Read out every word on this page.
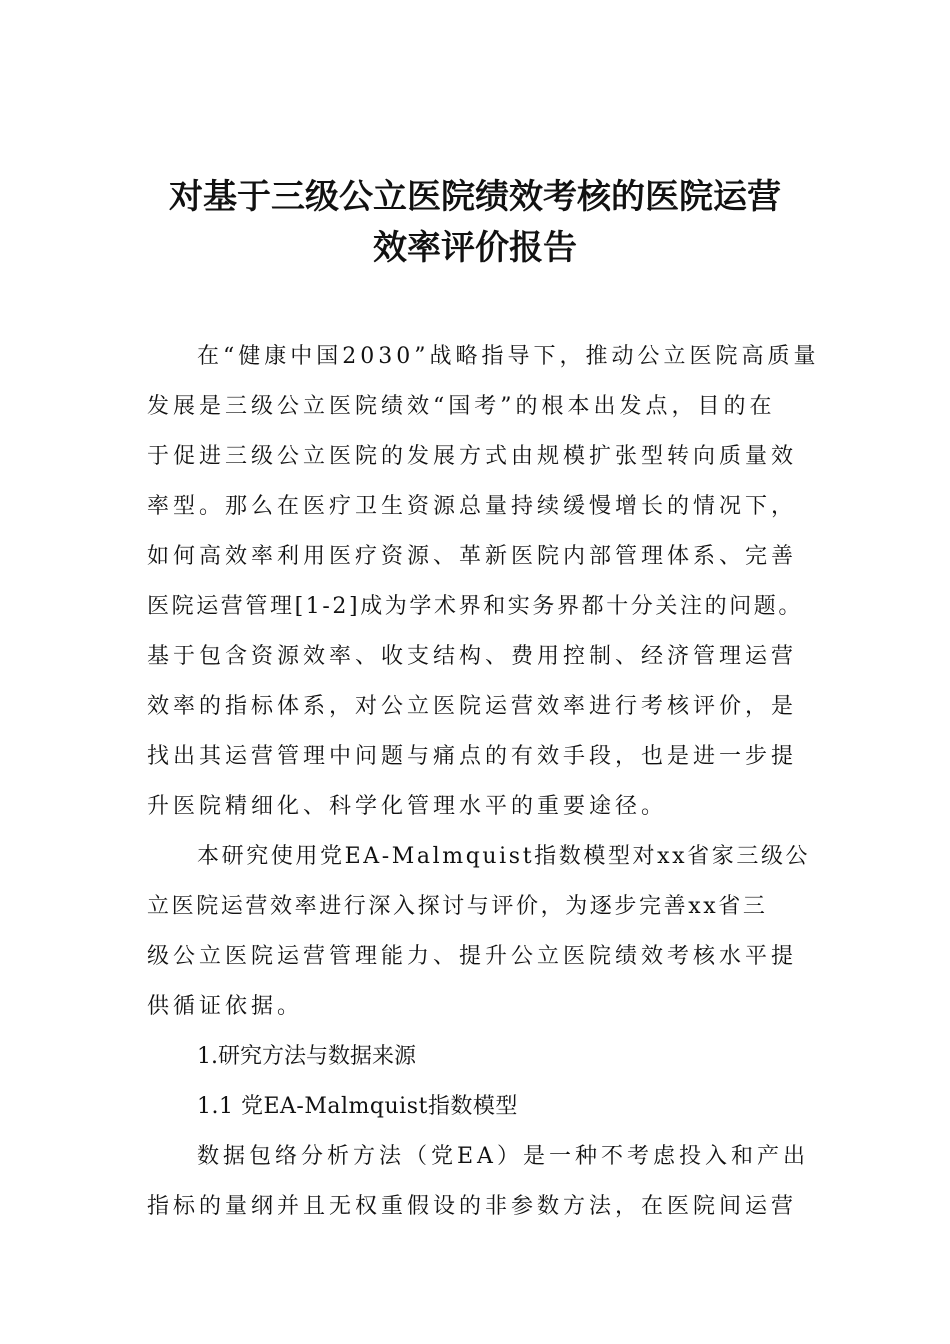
对基于三级公立医院绩效考核的医院运营
效率评价报告
在“健康中国2030”战略指导下，推动公立医院高质量
发展是三级公立医院绩效“国考”的根本出发点，目的在
于促进三级公立医院的发展方式由规模扩张型转向质量效
率型。那么在医疗卫生资源总量持续缓慢增长的情况下，
如何高效率利用医疗资源、革新医院内部管理体系、完善
医院运营管理[1-2]成为学术界和实务界都十分关注的问题。
基于包含资源效率、收支结构、费用控制、经济管理运营
效率的指标体系，对公立医院运营效率进行考核评价，是
找出其运营管理中问题与痛点的有效手段，也是进一步提
升医院精细化、科学化管理水平的重要途径。
本研究使用党EA-Malmquist指数模型对xx省家三级公
立医院运营效率进行深入探讨与评价，为逐步完善xx省三
级公立医院运营管理能力、提升公立医院绩效考核水平提
供循证依据。
1.研究方法与数据来源
1.1 党EA-Malmquist指数模型
数据包络分析方法（党EA）是一种不考虑投入和产出
指标的量纲并且无权重假设的非参数方法，在医院间运营
